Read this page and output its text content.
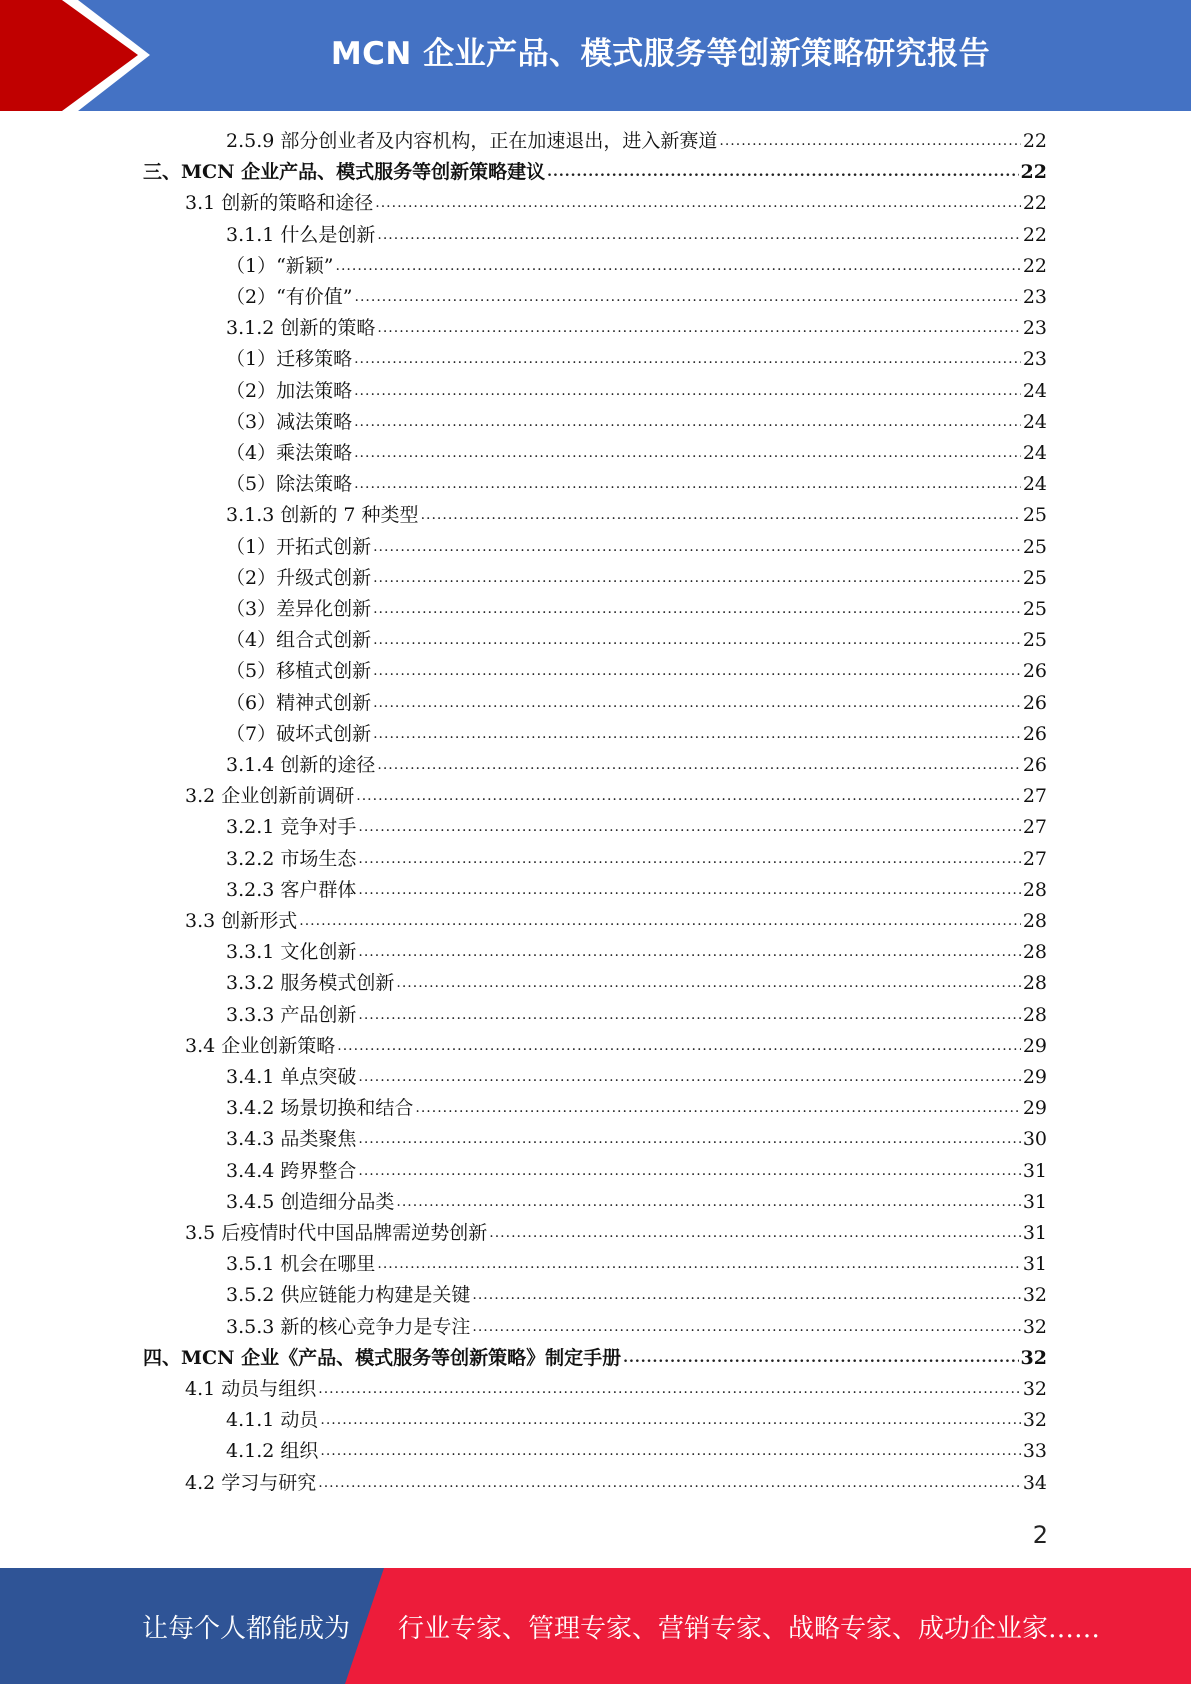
MCN 企业产品、模式服务等创新策略研究报告
2.5.9 部分创业者及内容机构，正在加速退出，进入新赛道 .....	22
三、MCN 企业产品、模式服务等创新策略建议 .....	22
3.1 创新的策略和途径 .....	22
3.1.1 什么是创新 .....	22
（1）“新颖” .....	22
（2）“有价值” .....	23
3.1.2 创新的策略 .....	23
（1）迁移策略 .....	23
（2）加法策略 .....	24
（3）减法策略 .....	24
（4）乘法策略 .....	24
（5）除法策略 .....	24
3.1.3 创新的 7 种类型 .....	25
（1）开拓式创新 .....	25
（2）升级式创新 .....	25
（3）差异化创新 .....	25
（4）组合式创新 .....	25
（5）移植式创新 .....	26
（6）精神式创新 .....	26
（7）破坏式创新 .....	26
3.1.4 创新的途径 .....	26
3.2 企业创新前调研 .....	27
3.2.1 竞争对手 .....	27
3.2.2 市场生态 .....	27
3.2.3 客户群体 .....	28
3.3 创新形式 .....	28
3.3.1 文化创新 .....	28
3.3.2 服务模式创新 .....	28
3.3.3 产品创新 .....	28
3.4 企业创新策略 .....	29
3.4.1 单点突破 .....	29
3.4.2 场景切换和结合 .....	29
3.4.3 品类聚焦 .....	30
3.4.4 跨界整合 .....	31
3.4.5 创造细分品类 .....	31
3.5 后疫情时代中国品牌需逆势创新 .....	31
3.5.1 机会在哪里 .....	31
3.5.2 供应链能力构建是关键 .....	32
3.5.3 新的核心竞争力是专注 .....	32
四、MCN 企业《产品、模式服务等创新策略》制定手册 .....	32
4.1 动员与组织 .....	32
4.1.1 动员 .....	32
4.1.2 组织 .....	33
4.2 学习与研究 .....	34
2
让每个人都能成为 行业专家、管理专家、营销专家、战略专家、成功企业家……
